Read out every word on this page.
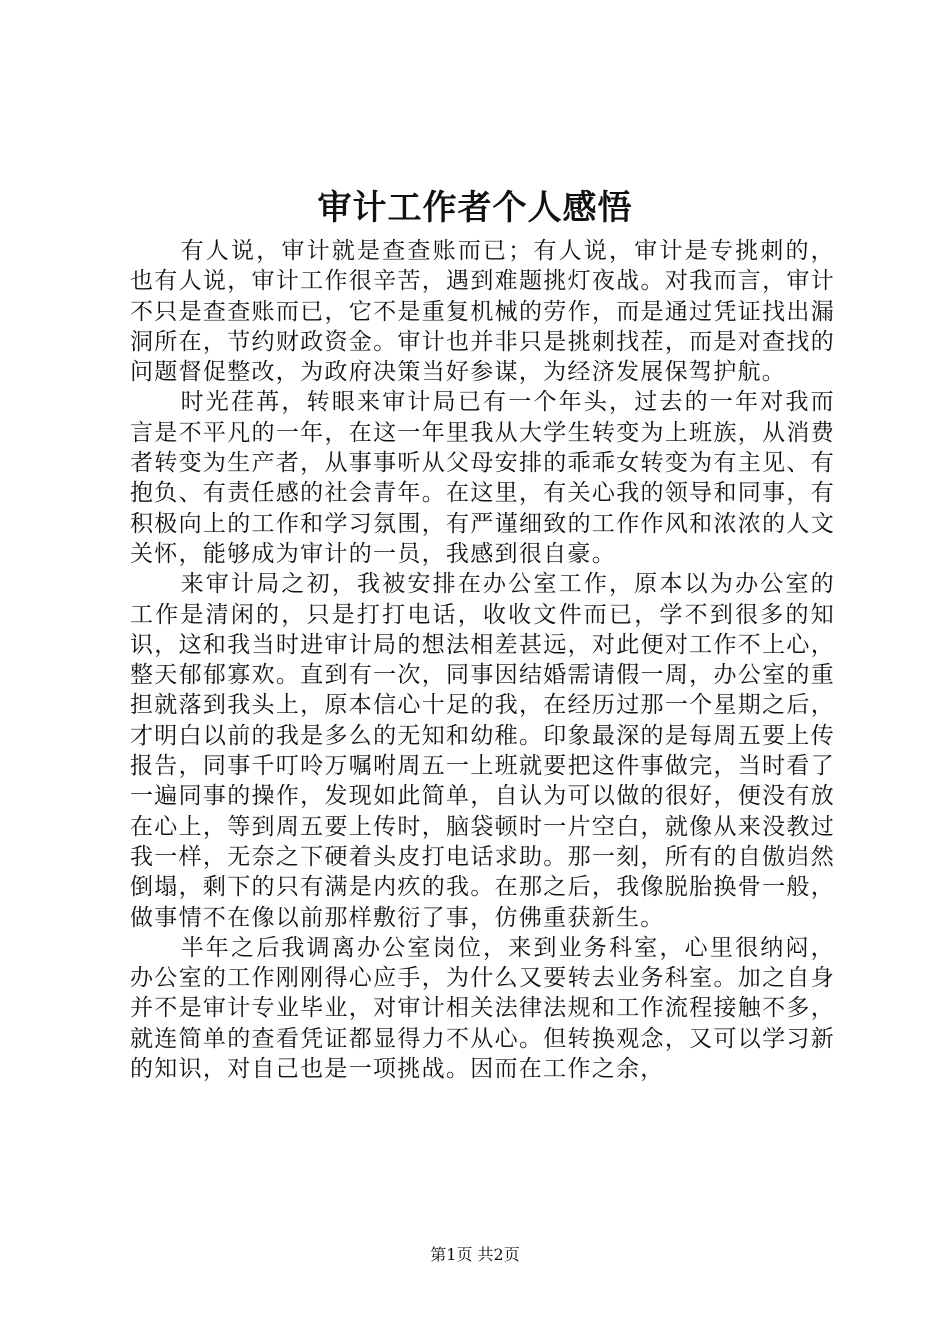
审计工作者个人感悟

有人说，审计就是查查账而已；有人说，审计是专挑刺的，也有人说，审计工作很辛苦，遇到难题挑灯夜战。对我而言，审计不只是查查账而已，它不是重复机械的劳作，而是通过凭证找出漏洞所在，节约财政资金。审计也并非只是挑刺找茬，而是对查找的问题督促整改，为政府决策当好参谋，为经济发展保驾护航。

时光荏苒，转眼来审计局已有一个年头，过去的一年对我而言是不平凡的一年，在这一年里我从大学生转变为上班族，从消费者转变为生产者，从事事听从父母安排的乖乖女转变为有主见、有抱负、有责任感的社会青年。在这里，有关心我的领导和同事，有积极向上的工作和学习氛围，有严谨细致的工作作风和浓浓的人文关怀，能够成为审计的一员，我感到很自豪。

来审计局之初，我被安排在办公室工作，原本以为办公室的工作是清闲的，只是打打电话，收收文件而已，学不到很多的知识，这和我当时进审计局的想法相差甚远，对此便对工作不上心，整天郁郁寡欢。直到有一次，同事因结婚需请假一周，办公室的重担就落到我头上，原本信心十足的我，在经历过那一个星期之后，才明白以前的我是多么的无知和幼稚。印象最深的是每周五要上传报告，同事千叮呤万嘱咐周五一上班就要把这件事做完，当时看了一遍同事的操作，发现如此简单，自认为可以做的很好，便没有放在心上，等到周五要上传时，脑袋顿时一片空白，就像从来没教过我一样，无奈之下硬着头皮打电话求助。那一刻，所有的自傲岿然倒塌，剩下的只有满是内疚的我。在那之后，我像脱胎换骨一般，做事情不在像以前那样敷衍了事，仿佛重获新生。

半年之后我调离办公室岗位，来到业务科室，心里很纳闷，办公室的工作刚刚得心应手，为什么又要转去业务科室。加之自身并不是审计专业毕业，对审计相关法律法规和工作流程接触不多，就连简单的查看凭证都显得力不从心。但转换观念，又可以学习新的知识，对自己也是一项挑战。因而在工作之余，

第1页 共2页
